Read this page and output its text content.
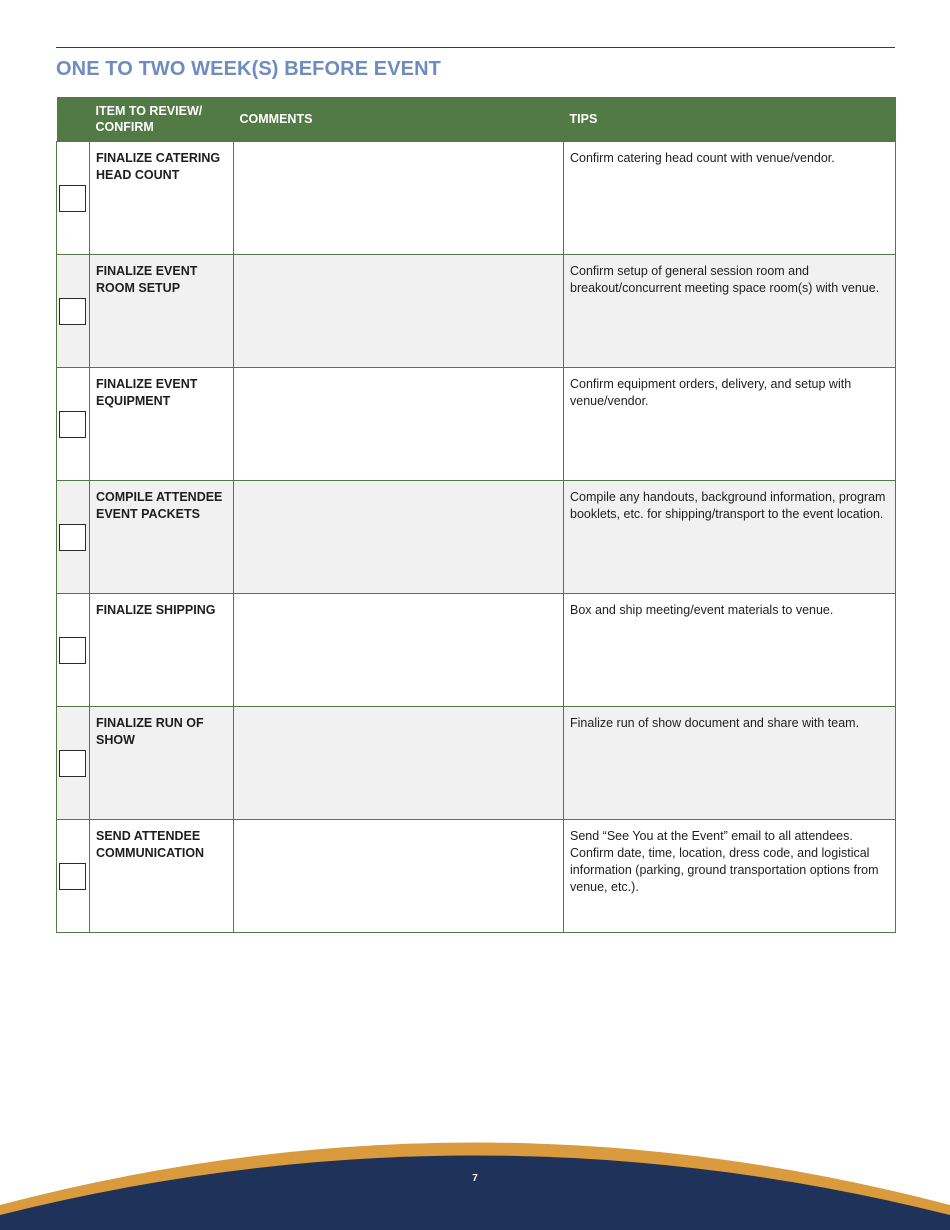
ONE TO TWO WEEK(S) BEFORE EVENT
	ITEM TO REVIEW/ CONFIRM	COMMENTS	TIPS

	FINALIZE CATERING HEAD COUNT		Confirm catering head count with venue/vendor.

	FINALIZE EVENT ROOM SETUP		Confirm setup of general session room and breakout/concurrent meeting space room(s) with venue.

	FINALIZE EVENT EQUIPMENT		Confirm equipment orders, delivery, and setup with venue/vendor.

	COMPILE ATTENDEE EVENT PACKETS		Compile any handouts, background information, program booklets, etc. for shipping/transport to the event location.

	FINALIZE SHIPPING		Box and ship meeting/event materials to venue.

	FINALIZE RUN OF SHOW		Finalize run of show document and share with team.

	SEND ATTENDEE COMMUNICATION		Send “See You at the Event” email to all attendees. Confirm date, time, location, dress code, and logistical information (parking, ground transportation options from venue, etc.).
7
